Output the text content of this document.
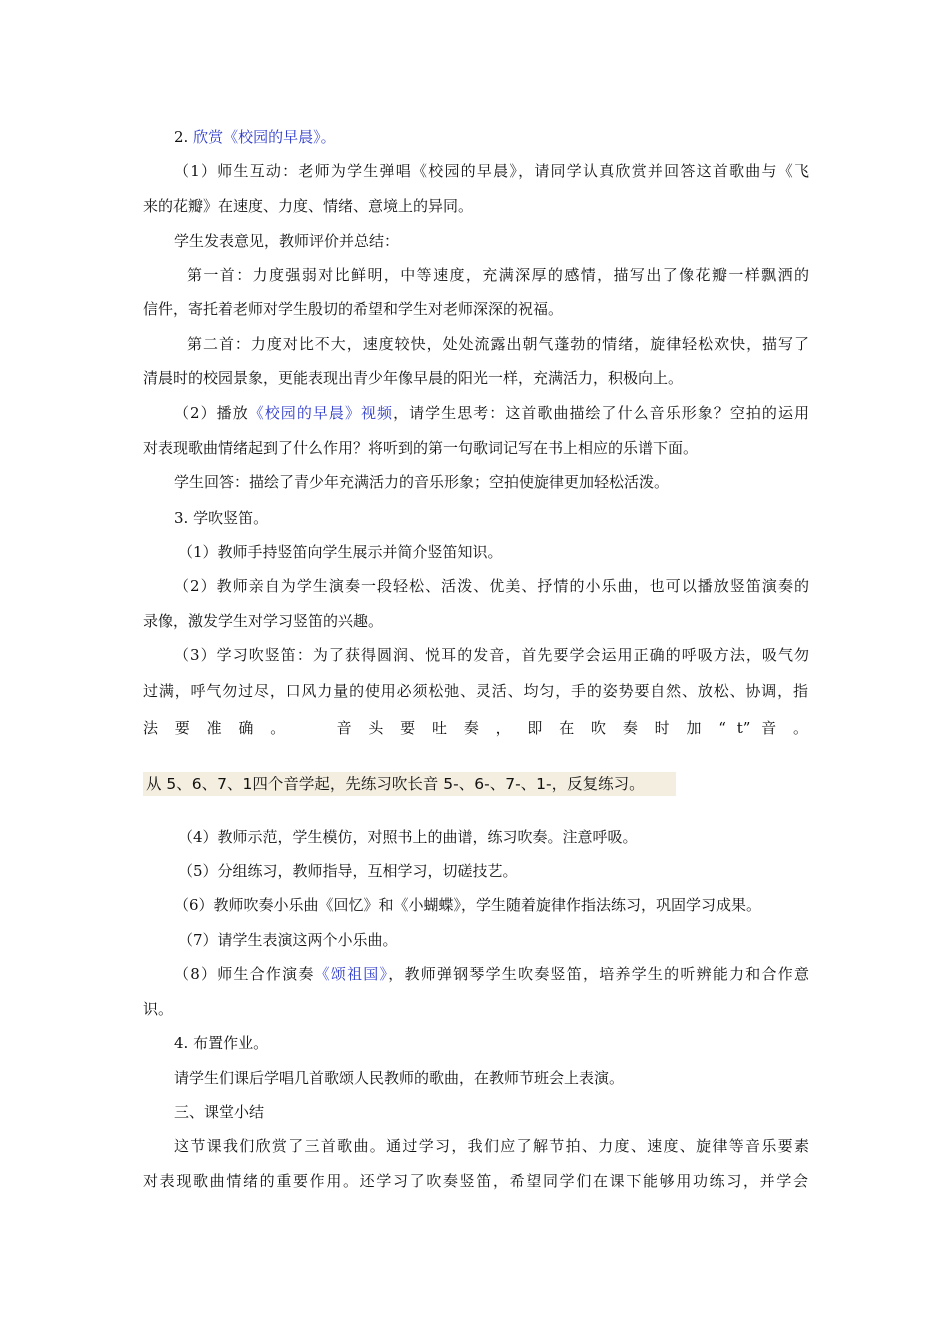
从 5、6、7、1四个音学起，先练习吹长音 5-、6-、7-、1-，反复练习。
2. 欣赏《校园的早晨》。
（1）师生互动：老师为学生弹唱《校园的早晨》，请同学认真欣赏并回答这首歌曲与《飞
来的花瓣》在速度、力度、情绪、意境上的异同。
学生发表意见，教师评价并总结：
第一首：力度强弱对比鲜明，中等速度，充满深厚的感情，描写出了像花瓣一样飘洒的
信件，寄托着老师对学生殷切的希望和学生对老师深深的祝福。
第二首：力度对比不大，速度较快，处处流露出朝气蓬勃的情绪，旋律轻松欢快，描写了
清晨时的校园景象，更能表现出青少年像早晨的阳光一样，充满活力，积极向上。
（2）播放《校园的早晨》视频，请学生思考：这首歌曲描绘了什么音乐形象？空拍的运用
对表现歌曲情绪起到了什么作用？将听到的第一句歌词记写在书上相应的乐谱下面。
学生回答：描绘了青少年充满活力的音乐形象；空拍使旋律更加轻松活泼。
3. 学吹竖笛。
（1）教师手持竖笛向学生展示并简介竖笛知识。
（2）教师亲自为学生演奏一段轻松、活泼、优美、抒情的小乐曲，也可以播放竖笛演奏的
录像，激发学生对学习竖笛的兴趣。
（3）学习吹竖笛：为了获得圆润、悦耳的发音，首先要学会运用正确的呼吸方法，吸气勿
过满，呼气勿过尽，口风力量的使用必须松弛、灵活、均匀，手的姿势要自然、放松、协调，指
法 要 准 确 。　　 音 头 要 吐 奏 ， 即 在 吹 奏 时 加 “ t” 音 。
（4）教师示范，学生模仿，对照书上的曲谱，练习吹奏。注意呼吸。
（5）分组练习，教师指导，互相学习，切磋技艺。
（6）教师吹奏小乐曲《回忆》和《小蝴蝶》，学生随着旋律作指法练习，巩固学习成果。
（7）请学生表演这两个小乐曲。
（8）师生合作演奏《颂祖国》，教师弹钢琴学生吹奏竖笛，培养学生的听辨能力和合作意
识。
4. 布置作业。
请学生们课后学唱几首歌颂人民教师的歌曲，在教师节班会上表演。
三、课堂小结
这节课我们欣赏了三首歌曲。通过学习，我们应了解节拍、力度、速度、旋律等音乐要素
对表现歌曲情绪的重要作用。还学习了吹奏竖笛，希望同学们在课下能够用功练习，并学会
